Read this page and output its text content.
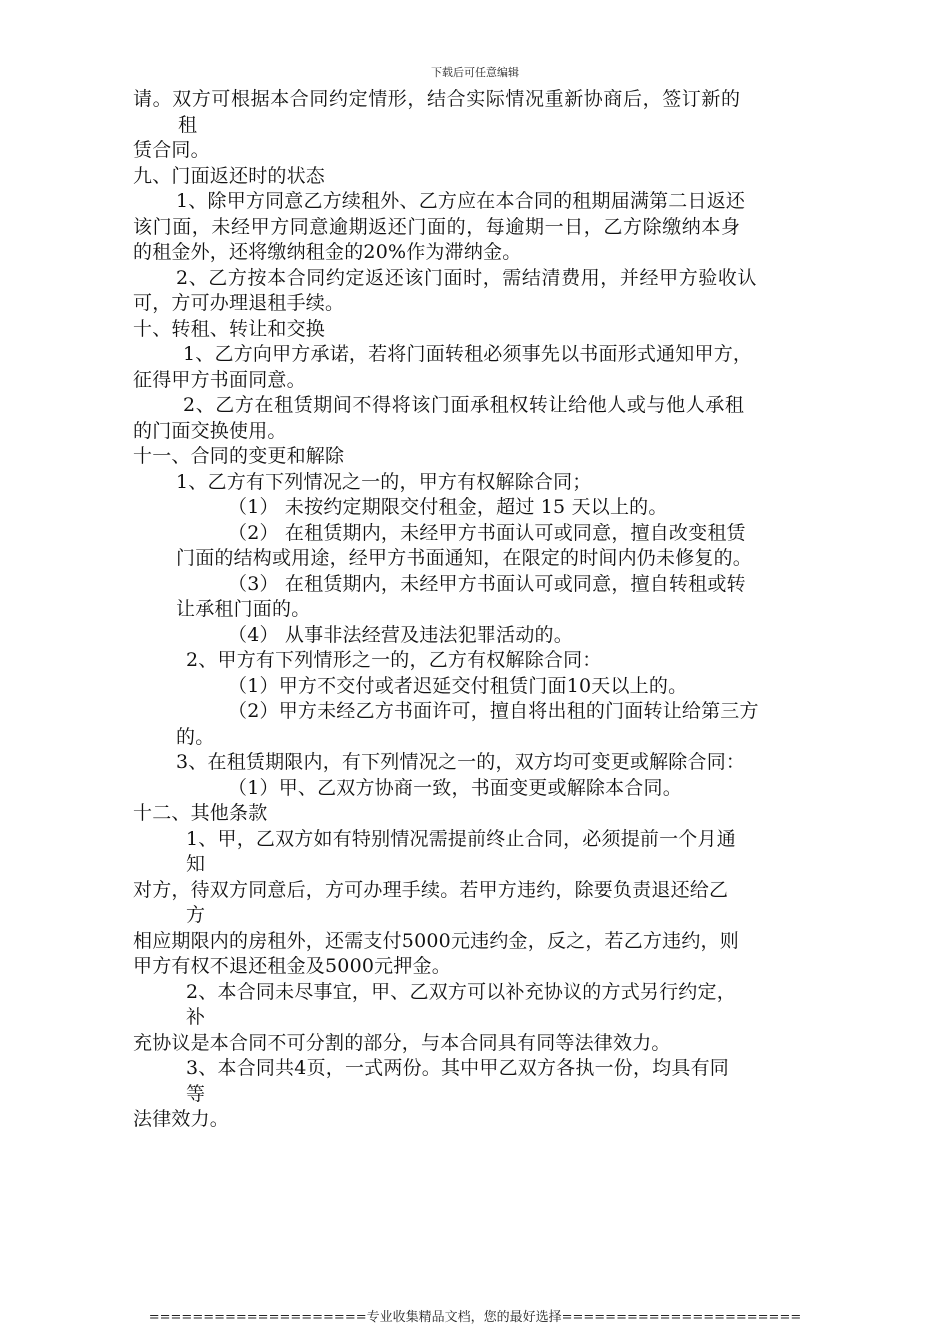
下载后可任意编辑
请。双方可根据本合同约定情形，结合实际情况重新协商后，签订新的
租
赁合同。
九、门面返还时的状态
1、除甲方同意乙方续租外、乙方应在本合同的租期届满第二日返还
该门面，未经甲方同意逾期返还门面的，每逾期一日，乙方除缴纳本身
的租金外，还将缴纳租金的20%作为滞纳金。
2、乙方按本合同约定返还该门面时，需结清费用，并经甲方验收认
可，方可办理退租手续。
十、转租、转让和交换
1、乙方向甲方承诺，若将门面转租必须事先以书面形式通知甲方，
征得甲方书面同意。
2、乙方在租赁期间不得将该门面承租权转让给他人或与他人承租
的门面交换使用。
十一、合同的变更和解除
1、乙方有下列情况之一的，甲方有权解除合同；
（1） 未按约定期限交付租金，超过 15 天以上的。
（2） 在租赁期内，未经甲方书面认可或同意，擅自改变租赁
门面的结构或用途，经甲方书面通知，在限定的时间内仍未修复的。
（3） 在租赁期内，未经甲方书面认可或同意，擅自转租或转
让承租门面的。
（4） 从事非法经营及违法犯罪活动的。
2、甲方有下列情形之一的，乙方有权解除合同：
（1）甲方不交付或者迟延交付租赁门面10天以上的。
（2）甲方未经乙方书面许可，擅自将出租的门面转让给第三方
的。
3、在租赁期限内，有下列情况之一的，双方均可变更或解除合同：
（1）甲、乙双方协商一致，书面变更或解除本合同。
十二、其他条款
1、甲，乙双方如有特别情况需提前终止合同，必须提前一个月通
知
对方，待双方同意后，方可办理手续。若甲方违约，除要负责退还给乙
方
相应期限内的房租外，还需支付5000元违约金，反之，若乙方违约，则
甲方有权不退还租金及5000元押金。
2、本合同未尽事宜，甲、乙双方可以补充协议的方式另行约定，
补
充协议是本合同不可分割的部分，与本合同具有同等法律效力。
3、本合同共4页，一式两份。其中甲乙双方各执一份，均具有同
等
法律效力。
====================专业收集精品文档，您的最好选择======================
